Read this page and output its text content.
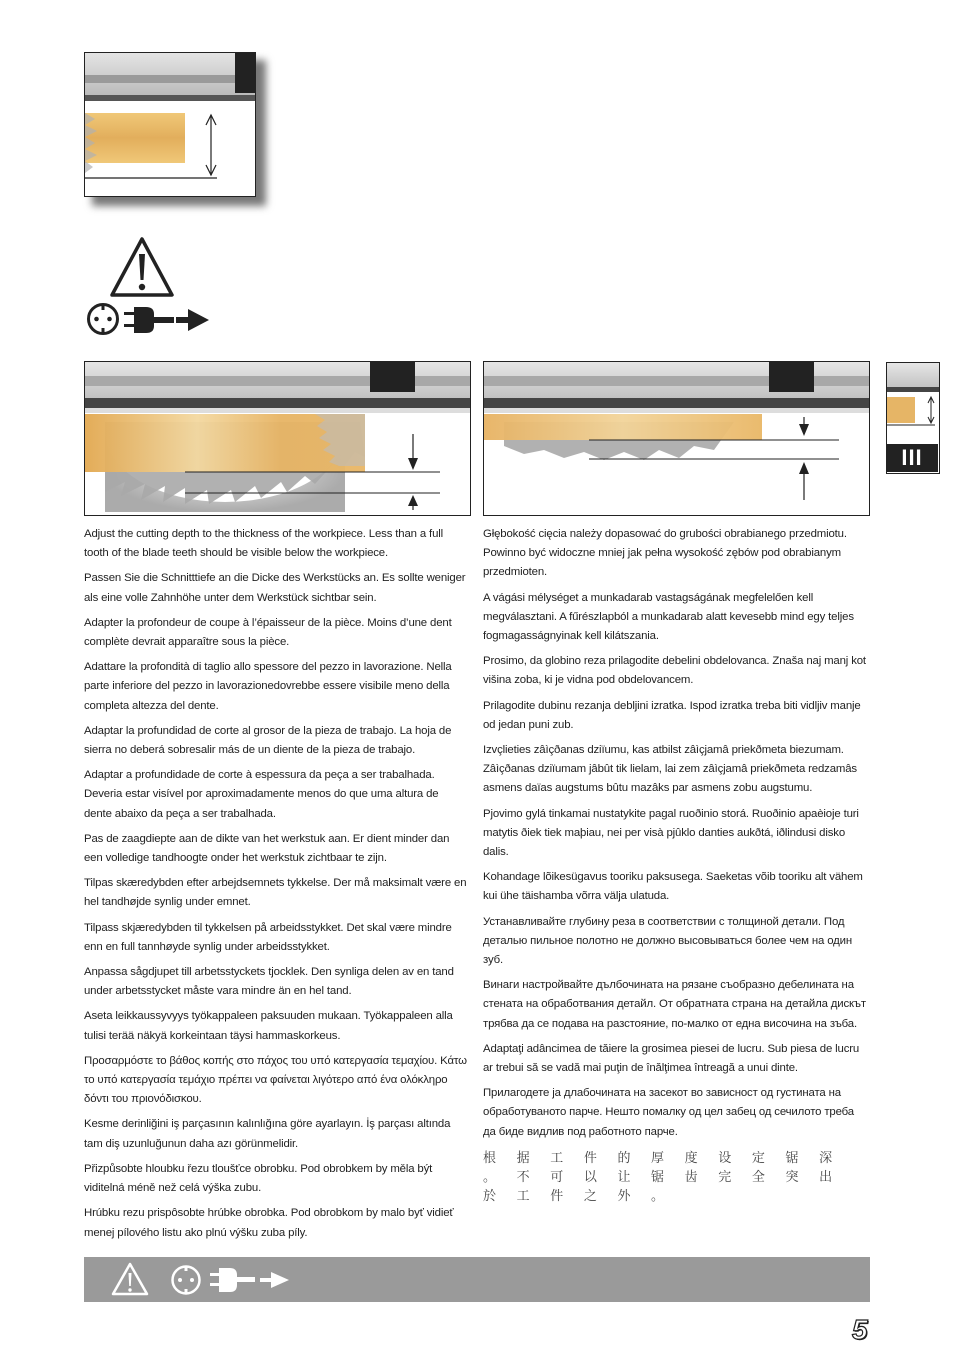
III

Adjust the cutting depth to the thickness of the workpiece. Less than a full tooth of the blade teeth should be visible below the workpiece.

Passen Sie die Schnitttiefe an die Dicke des Werkstücks an. Es sollte weniger als eine volle Zahnhöhe unter dem Werkstück sichtbar sein.

Adapter la profondeur de coupe à l’épaisseur de la pièce. Moins d’une dent complète devrait apparaître sous la pièce.

Adattare la profondità di taglio allo spessore del pezzo in lavorazione. Nella parte inferiore del pezzo in lavorazionedovrebbe essere visibile meno della completa altezza del dente.

Adaptar la profundidad de corte al grosor de la pieza de trabajo. La hoja de sierra no deberá sobresalir más de un diente de la pieza de trabajo.

Adaptar a profundidade de corte à espessura da peça a ser trabalhada. Deveria estar visível por aproximadamente menos do que uma altura de dente abaixo da peça a ser trabalhada.

Pas de zaagdiepte aan de dikte van het werkstuk aan. Er dient minder dan een volledige tandhoogte onder het werkstuk zichtbaar te zijn.

Tilpas skæredybden efter arbejdsemnets tykkelse. Der må maksimalt være en hel tandhøjde synlig under emnet.

Tilpass skjæredybden til tykkelsen på arbeidsstykket. Det skal være mindre enn en full tannhøyde synlig under arbeidsstykket.

Anpassa sågdjupet till arbetsstyckets tjocklek. Den synliga delen av en tand under arbetsstycket måste vara mindre än en hel tand.

Aseta leikkaussyvyys työkappaleen paksuuden mukaan. Työkappaleen alla tulisi terää näkyä korkeintaan täysi hammaskorkeus.

Προσαρμόστε το βάθος κοπής στο πάχος του υπό κατεργασία τεμαχίου. Κάτω το υπό κατεργασία τεμάχιο πρέπει να φαίνεται λιγότερο από ένα ολόκληρο δόντι του πριονόδισκου.

Kesme derinliğini iş parçasının kalınlığına göre ayarlayın. İş parçası altında tam diş uzunluğunun daha azı görünmelidir.

Přizpůsobte hloubku řezu tloušťce obrobku. Pod obrobkem by měla být viditelná méně než celá výška zubu.

Hrúbku rezu prispôsobte hrúbke obrobka. Pod obrobkom by malo byť vidieť menej pílového listu ako plnú výšku zuba píly.

Głębokość cięcia należy dopasować do grubości obrabianego przedmiotu. Powinno być widoczne mniej jak pełna wysokość zębów pod obrabianym przedmioten.

A vágási mélységet a munkadarab vastagságának megfelelően kell megválasztani. A fűrészlapból a munkadarab alatt kevesebb mind egy teljes fogmagasságnyinak kell kilátszania.

Prosimo, da globino reza prilagodite debelini obdelovanca. Znaša naj manj kot višina zoba, ki je vidna pod obdelovancem.

Prilagodite dubinu rezanja debljini izratka. Ispod izratka treba biti vidljiv manje od jedan puni zub.

Izvçlieties zâìçðanas dziïumu, kas atbilst zâìçjamâ priekðmeta biezumam. Zâìçðanas dziïumam jâbût tik lielam, lai zem zâìçjamâ priekðmeta redzamâs asmens daïas augstums bûtu mazâks par asmens zobu augstumu.

Pjovimo gylá tinkamai nustatykite pagal ruoðinio storá. Ruoðinio apaèioje turi matytis ðiek tiek maþiau, nei per visà pjûklo danties aukðtá, iðlindusi disko dalis.

Kohandage lõikesügavus tooriku paksusega. Saeketas võib tooriku alt vähem kui ühe täishamba võrra välja ulatuda.

Устанавливайте глубину реза в соответствии с толщиной детали. Под деталью пильное полотно не должно высовываться более чем на один зуб.

Винаги настройвайте дълбочината на рязане съобразно дебелината на стената на обработвания детайл. От обратната страна на детайла дискът трябва да се подава на разстояние, по-малко от една височина на зъба.

Adaptaţi adâncimea de tăiere la grosimea piesei de lucru. Sub piesa de lucru ar trebui să se vadă mai puţin de înălţimea întreagă a unui dinte.

Прилагодете ја длабочината на засекот во зависност од густината на обработуваното парче. Нешто помалку од цел забец од сечилото треба да биде видлив под работното парче.

根 据 工 件 的 厚 度 设 定 锯 深 。 不 可 以 让 锯 齿 完 全 突 出 於 工 件 之 外 。

5
